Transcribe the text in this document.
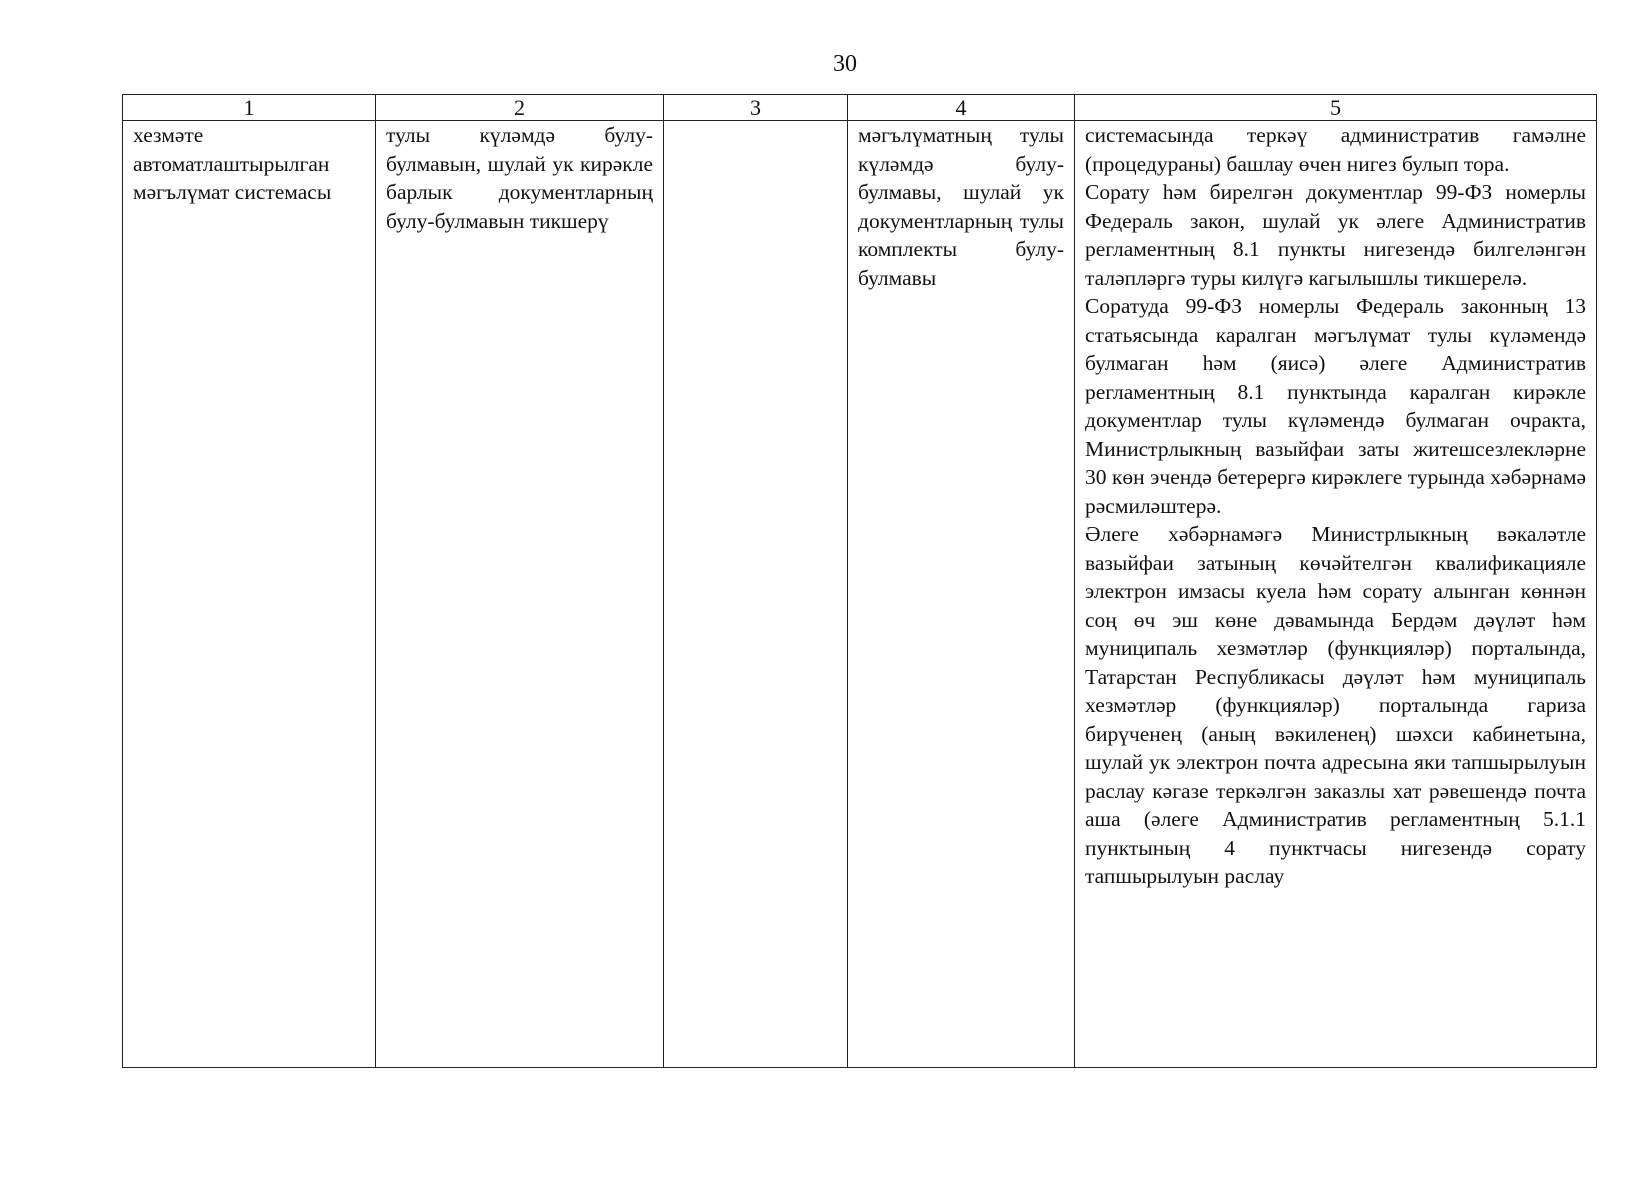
30
1	2	3	4	5

хезмәте автоматлаштырылган мәгълүмат системасы	тулы күләмдә булу-булмавын, шулай ук кирәкле барлык документларның булу-булмавын тикшерү		мәгълүматның тулы күләмдә булу-булмавы, шулай ук документларның тулы комплекты булу-булмавы	системасында теркәү административ гамәлне (процедураны) башлау өчен нигез булып тора.

Сорату һәм бирелгән документлар 99-ФЗ номерлы Федераль закон, шулай ук әлеге Административ регламентның 8.1 пункты нигезендә билгеләнгән таләпләргә туры килүгә кагылышлы тикшерелә.

Соратуда 99-ФЗ номерлы Федераль законның 13 статьясында каралган мәгълүмат тулы күләмендә булмаган һәм (яисә) әлеге Административ регламентның 8.1 пунктында каралган кирәкле документлар тулы күләмендә булмаган очракта, Министрлыкның вазыйфаи заты житешсезлекләрне 30 көн эчендә бетерергә кирәклеге турында хәбәрнамә рәсмиләштерә.

Әлеге хәбәрнамәгә Министрлыкның вәкаләтле вазыйфаи затының көчәйтелгән квалификацияле электрон имзасы куела һәм сорату алынган көннән соң өч эш көне дәвамында Бердәм дәүләт һәм муниципаль хезмәтләр (функцияләр) порталында, Татарстан Республикасы дәүләт һәм муниципаль хезмәтләр (функцияләр) порталында гариза бирүченең (аның вәкиленең) шәхси кабинетына, шулай ук электрон почта адресына яки тапшырылуын раслау кәгазе теркәлгән заказлы хат рәвешендә почта аша (әлеге Административ регламентның 5.1.1 пунктының 4 пунктчасы нигезендә сорату тапшырылуын раслау
